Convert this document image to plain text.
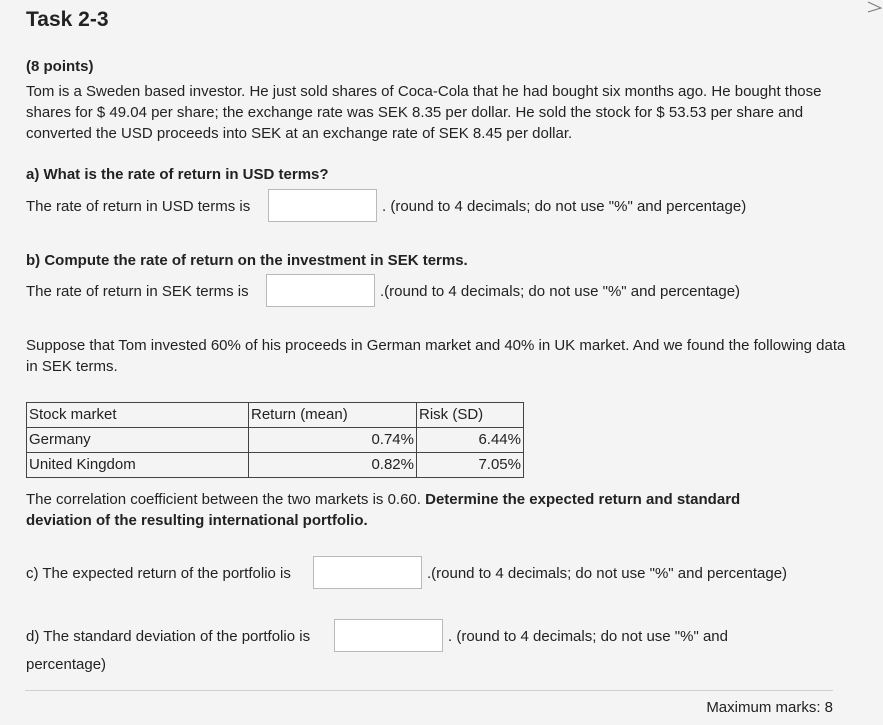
Task 2-3
(8 points)
Tom is a Sweden based investor. He just sold shares of Coca-Cola that he had bought six months ago. He bought those shares for $ 49.04 per share; the exchange rate was SEK 8.35 per dollar. He sold the stock for $ 53.53 per share and converted the USD proceeds into SEK at an exchange rate of SEK 8.45 per dollar.
a) What is the rate of return in USD terms?
The rate of return in USD terms is	. (round to 4 decimals; do not use "%" and percentage)
b) Compute the rate of return on the investment in SEK terms.
The rate of return in SEK terms is	.(round to 4 decimals; do not use "%" and percentage)
Suppose that Tom invested 60% of his proceeds in German market and 40% in UK market. And we found the following data in SEK terms.
Stock market	Return (mean)	Risk (SD)
Germany	0.74%	6.44%
United Kingdom	0.82%	7.05%
The correlation coefficient between the two markets is 0.60. Determine the expected return and standard
deviation of the resulting international portfolio.
c) The expected return of the portfolio is	.(round to 4 decimals; do not use "%" and percentage)
d) The standard deviation of the portfolio is	. (round to 4 decimals; do not use "%" and
percentage)
Maximum marks: 8
